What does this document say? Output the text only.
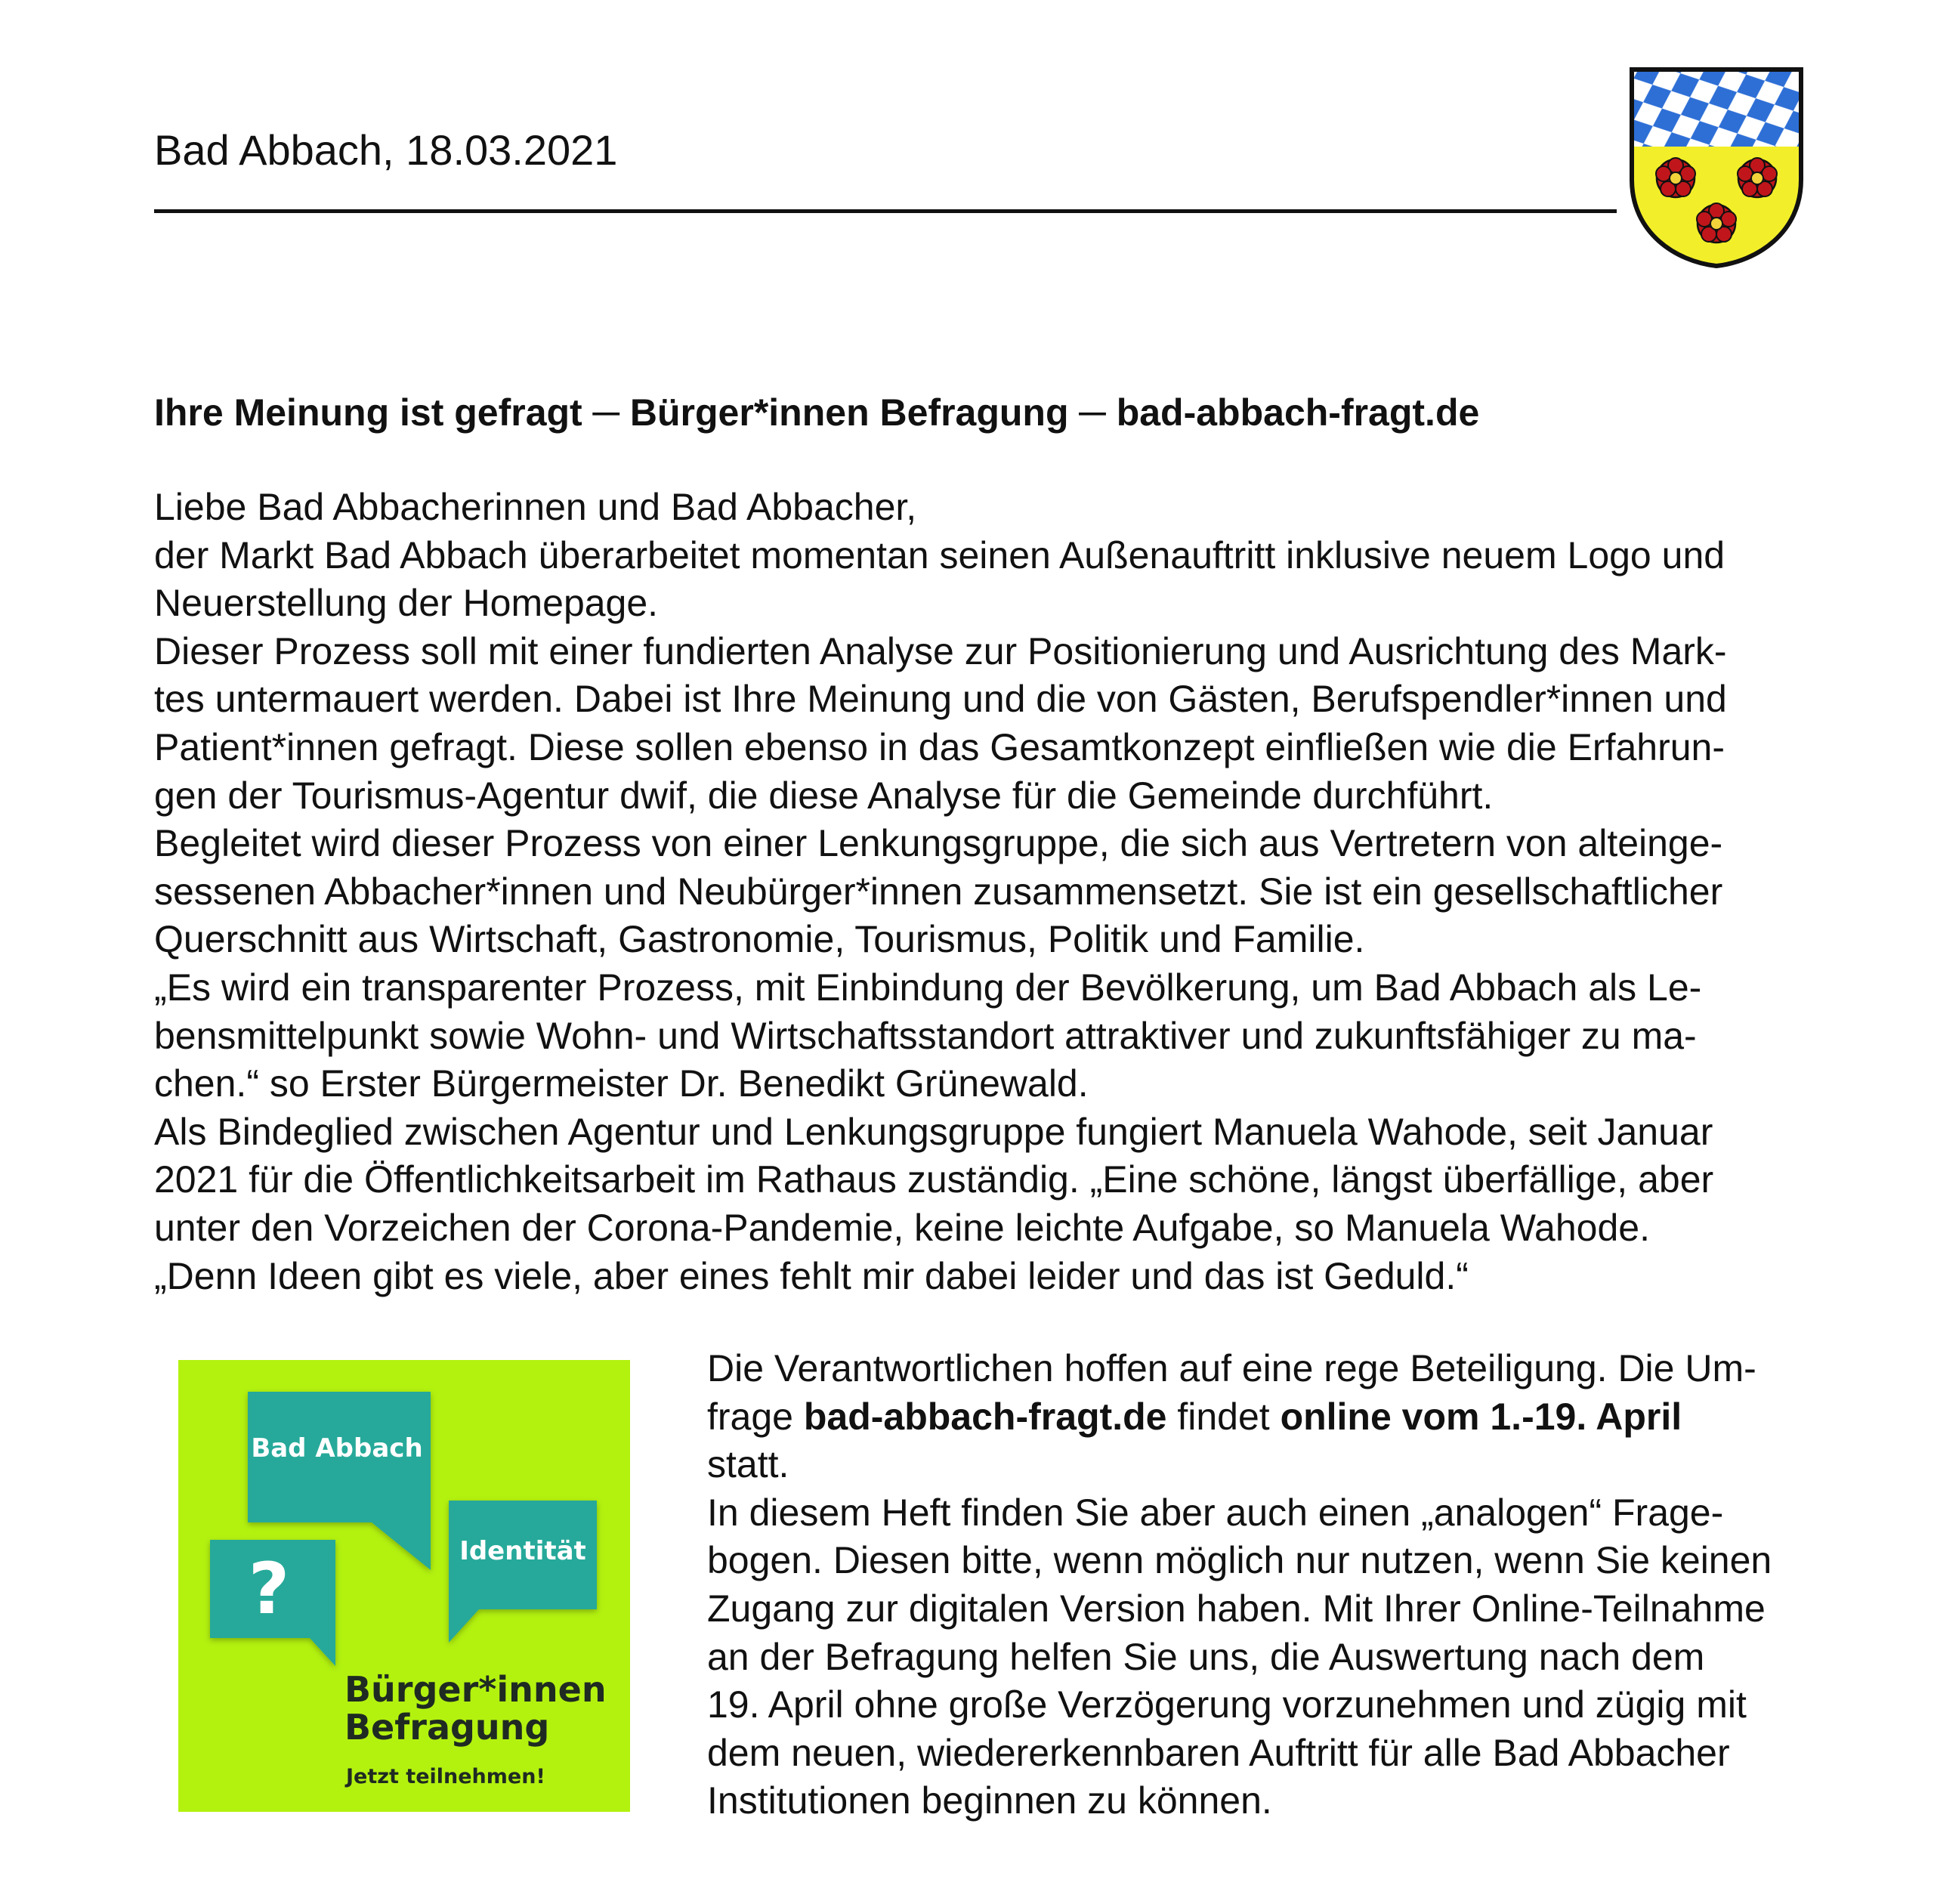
Bad Abbach, 18.03.2021
Ihre Meinung ist gefragt ─ Bürger*innen Befragung ─ bad-abbach-fragt.de
Liebe Bad Abbacherinnen und Bad Abbacher,
der Markt Bad Abbach überarbeitet momentan seinen Außenauftritt inklusive neuem Logo und
Neuerstellung der Homepage.
Dieser Prozess soll mit einer fundierten Analyse zur Positionierung und Ausrichtung des Mark-
tes untermauert werden. Dabei ist Ihre Meinung und die von Gästen, Berufspendler*innen und
Patient*innen gefragt. Diese sollen ebenso in das Gesamtkonzept einfließen wie die Erfahrun-
gen der Tourismus-Agentur dwif, die diese Analyse für die Gemeinde durchführt.
Begleitet wird dieser Prozess von einer Lenkungsgruppe, die sich aus Vertretern von alteinge-
sessenen Abbacher*innen und Neubürger*innen zusammensetzt. Sie ist ein gesellschaftlicher
Querschnitt aus Wirtschaft, Gastronomie, Tourismus, Politik und Familie.
„Es wird ein transparenter Prozess, mit Einbindung der Bevölkerung, um Bad Abbach als Le-
bensmittelpunkt sowie Wohn- und Wirtschaftsstandort attraktiver und zukunftsfähiger zu ma-
chen.“ so Erster Bürgermeister Dr. Benedikt Grünewald.
Als Bindeglied zwischen Agentur und Lenkungsgruppe fungiert Manuela Wahode, seit Januar
2021 für die Öffentlichkeitsarbeit im Rathaus zuständig. „Eine schöne, längst überfällige, aber
unter den Vorzeichen der Corona-Pandemie, keine leichte Aufgabe, so Manuela Wahode.
„Denn Ideen gibt es viele, aber eines fehlt mir dabei leider und das ist Geduld.“
Bad Abbach
Identität
?
Bürger*innen
Befragung
Jetzt teilnehmen!
Die Verantwortlichen hoffen auf eine rege Beteiligung. Die Um-
frage bad-abbach-fragt.de findet online vom 1.-19. April
statt.
In diesem Heft finden Sie aber auch einen „analogen“ Frage-
bogen. Diesen bitte, wenn möglich nur nutzen, wenn Sie keinen
Zugang zur digitalen Version haben. Mit Ihrer Online-Teilnahme
an der Befragung helfen Sie uns, die Auswertung nach dem
19. April ohne große Verzögerung vorzunehmen und zügig mit
dem neuen, wiedererkennbaren Auftritt für alle Bad Abbacher
Institutionen beginnen zu können.
